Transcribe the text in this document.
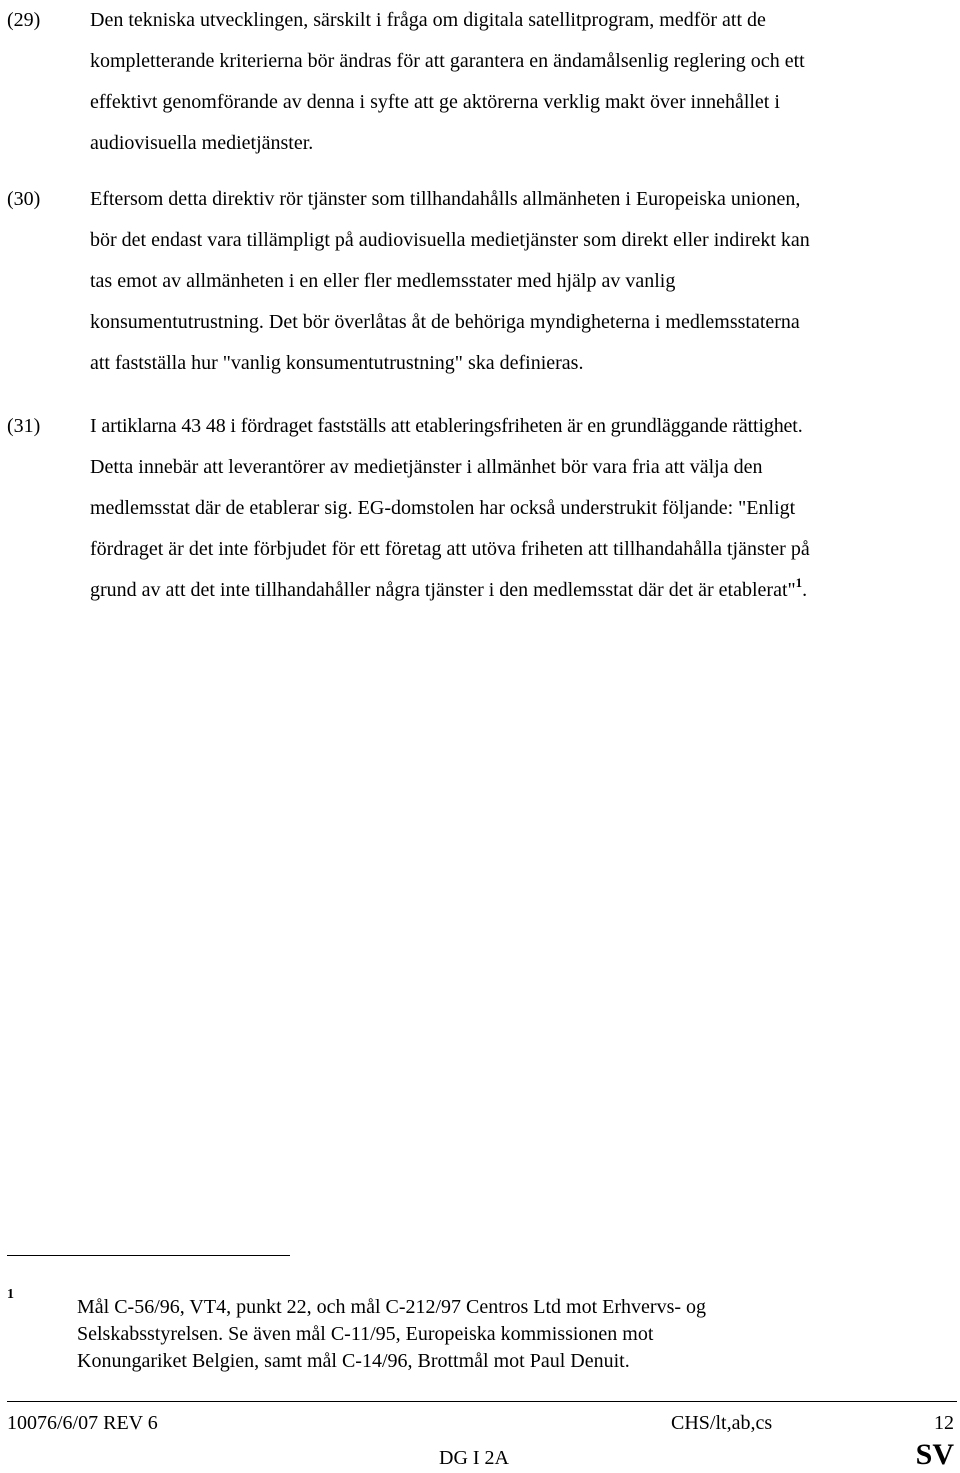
(29) Den tekniska utvecklingen, särskilt i fråga om digitala satellitprogram, medför att de
kompletterande kriterierna bör ändras för att garantera en ändamålsenlig reglering och ett
effektivt genomförande av denna i syfte att ge aktörerna verklig makt över innehållet i
audiovisuella medietjänster.
(30) Eftersom detta direktiv rör tjänster som tillhandahålls allmänheten i Europeiska unionen,
bör det endast vara tillämpligt på audiovisuella medietjänster som direkt eller indirekt kan
tas emot av allmänheten i en eller fler medlemsstater med hjälp av vanlig
konsumentutrustning. Det bör överlåtas åt de behöriga myndigheterna i medlemsstaterna
att fastställa hur "vanlig konsumentutrustning" ska definieras.
(31) I artiklarna 43 48 i fördraget fastställs att etableringsfriheten är en grundläggande rättighet.
Detta innebär att leverantörer av medietjänster i allmänhet bör vara fria att välja den
medlemsstat där de etablerar sig. EG-domstolen har också understrukit följande: "Enligt
fördraget är det inte förbjudet för ett företag att utöva friheten att tillhandahålla tjänster på
grund av att det inte tillhandahåller några tjänster i den medlemsstat där det är etablerat"$^1$.
1
Mål C-56/96, VT4, punkt 22, och mål C-212/97 Centros Ltd mot Erhvervs- og
Selskabsstyrelsen. Se även mål C-11/95, Europeiska kommissionen mot
Konungariket Belgien, samt mål C-14/96, Brottmål mot Paul Denuit.
10076/6/07 REV 6	CHS/lt,ab,cs	12
DG I 2A	SV
